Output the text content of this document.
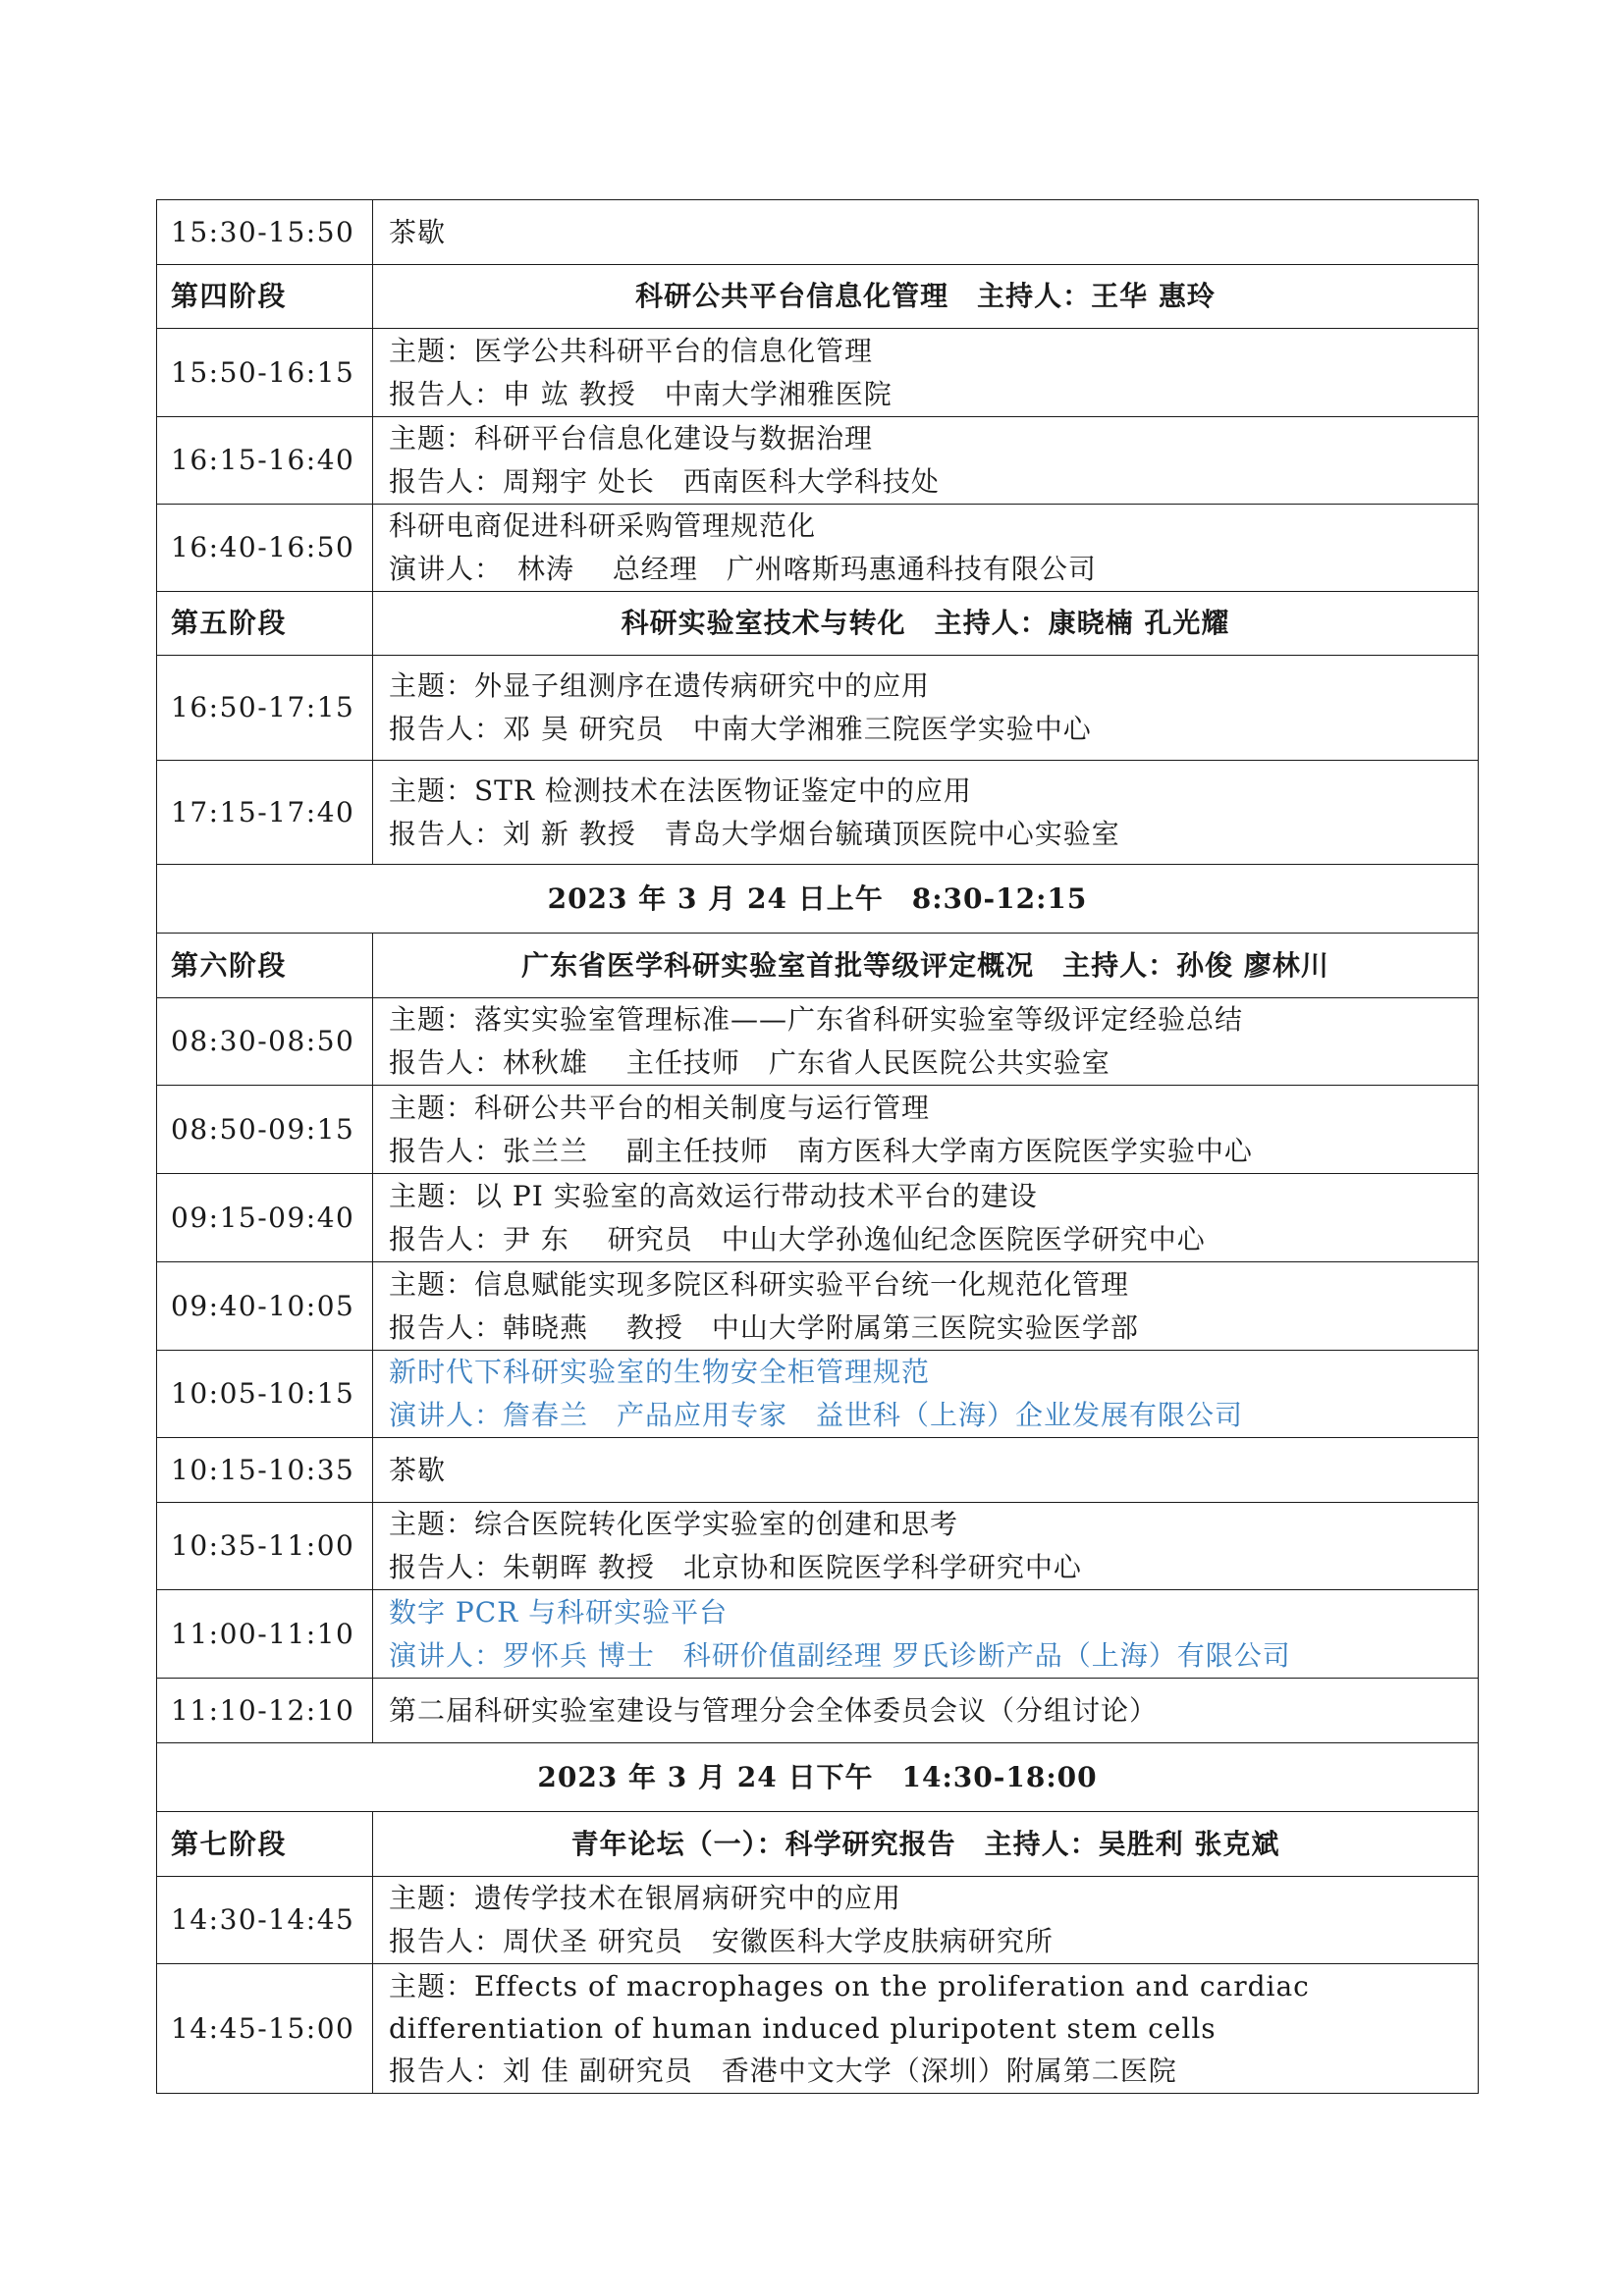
15:30-15:50	茶歇
第四阶段	科研公共平台信息化管理　主持人：王华 惠玲
15:50-16:15	主题：医学公共科研平台的信息化管理
报告人：申 竑 教授　中南大学湘雅医院

16:15-16:40	主题：科研平台信息化建设与数据治理
报告人：周翔宇 处长　西南医科大学科技处

16:40-16:50	科研电商促进科研采购管理规范化
演讲人：　林涛　 总经理　广州喀斯玛惠通科技有限公司

第五阶段	科研实验室技术与转化　主持人：康晓楠 孔光耀
16:50-17:15	主题：外显子组测序在遗传病研究中的应用
报告人：邓 昊 研究员　中南大学湘雅三院医学实验中心

17:15-17:40	主题：STR 检测技术在法医物证鉴定中的应用
报告人：刘 新 教授　青岛大学烟台毓璜顶医院中心实验室

2023 年 3 月 24 日上午　8:30-12:15	
第六阶段	广东省医学科研实验室首批等级评定概况　主持人：孙俊 廖林川
08:30-08:50	主题：落实实验室管理标准——广东省科研实验室等级评定经验总结
报告人：林秋雄　 主任技师　广东省人民医院公共实验室

08:50-09:15	主题：科研公共平台的相关制度与运行管理
报告人：张兰兰　 副主任技师　南方医科大学南方医院医学实验中心

09:15-09:40	主题：以 PI 实验室的高效运行带动技术平台的建设
报告人：尹 东　 研究员　中山大学孙逸仙纪念医院医学研究中心

09:40-10:05	主题：信息赋能实现多院区科研实验平台统一化规范化管理
报告人：韩晓燕　 教授　中山大学附属第三医院实验医学部

10:05-10:15	新时代下科研实验室的生物安全柜管理规范
演讲人：詹春兰　产品应用专家　益世科（上海）企业发展有限公司

10:15-10:35	茶歇
10:35-11:00	主题：综合医院转化医学实验室的创建和思考
报告人：朱朝晖 教授　北京协和医院医学科学研究中心

11:00-11:10	数字 PCR 与科研实验平台
演讲人：罗怀兵 博士　科研价值副经理 罗氏诊断产品（上海）有限公司

11:10-12:10	第二届科研实验室建设与管理分会全体委员会议（分组讨论）
2023 年 3 月 24 日下午　14:30-18:00	
第七阶段	青年论坛（一）：科学研究报告　主持人：吴胜利 张克斌
14:30-14:45	主题：遗传学技术在银屑病研究中的应用
报告人：周伏圣 研究员　安徽医科大学皮肤病研究所

14:45-15:00	主题：Effects of macrophages on the proliferation and cardiac
differentiation of human induced pluripotent stem cells
报告人：刘 佳 副研究员　香港中文大学（深圳）附属第二医院
